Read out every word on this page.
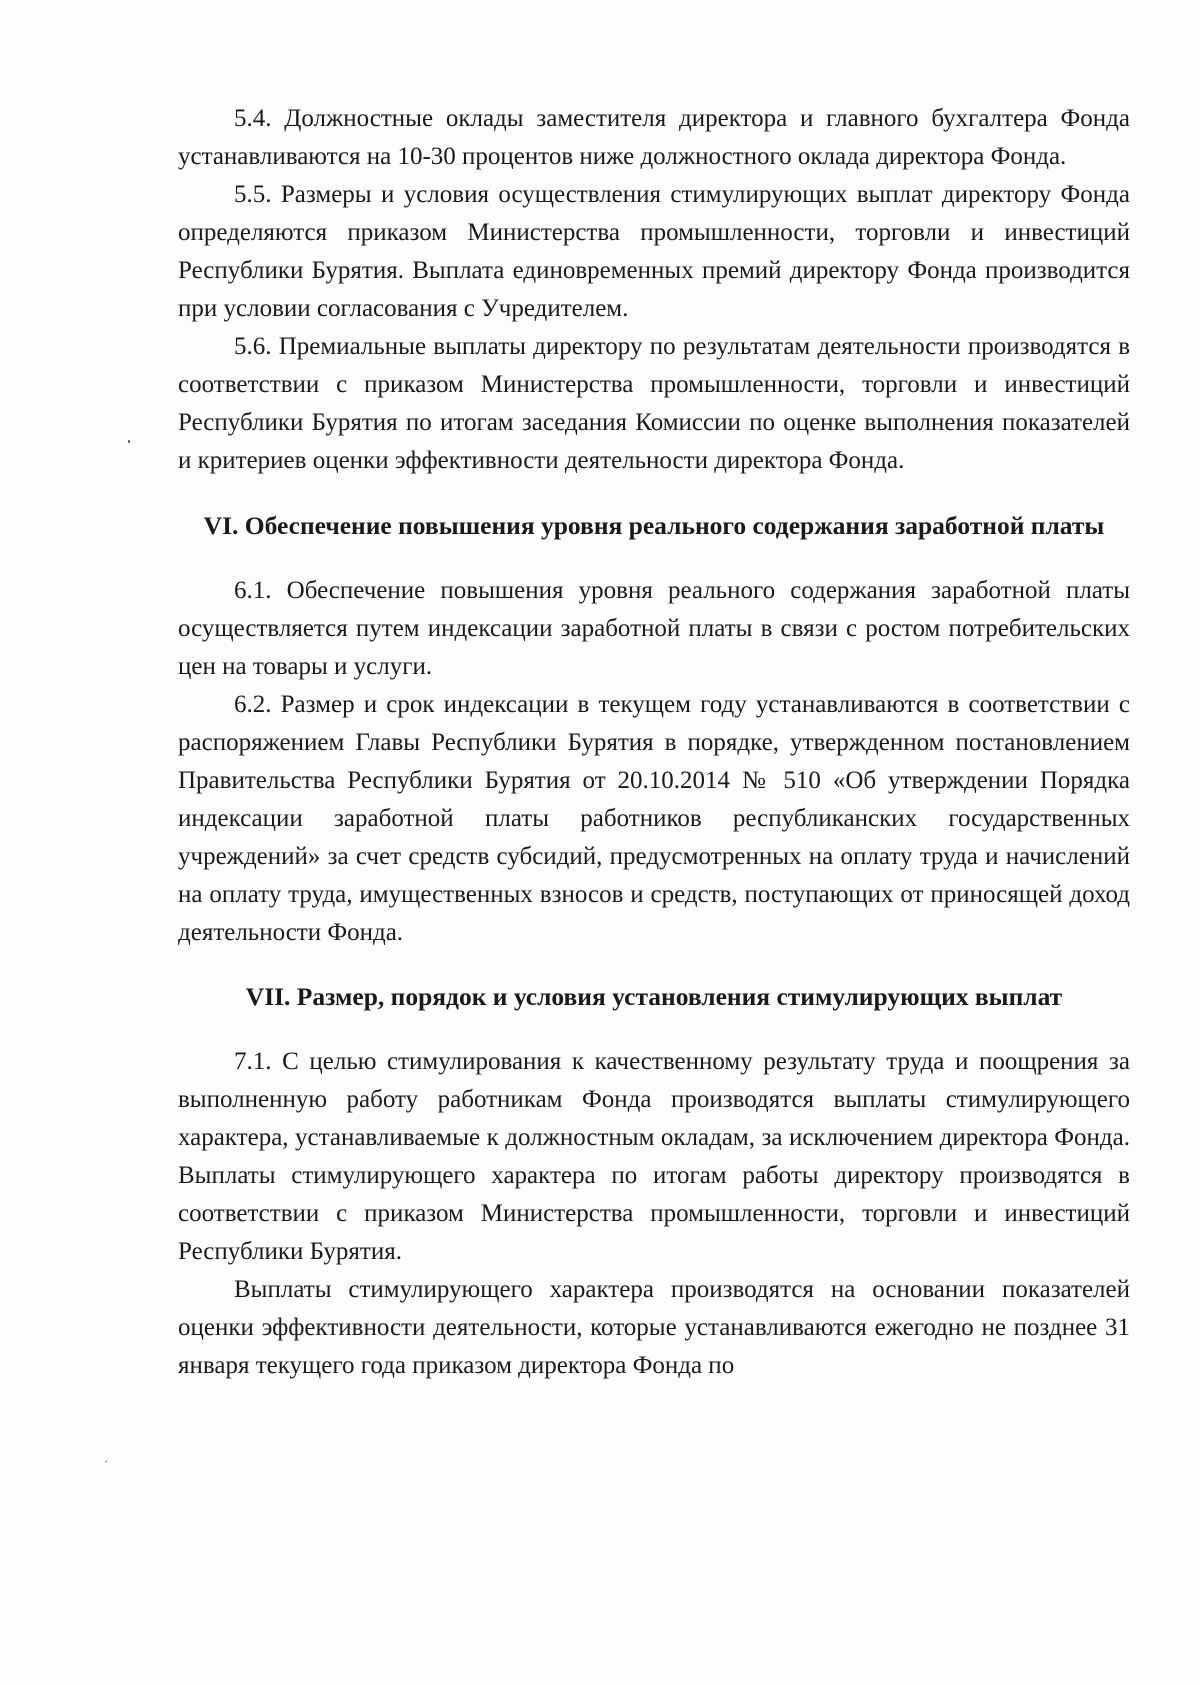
5.4. Должностные оклады заместителя директора и главного бухгалтера Фонда устанавливаются на 10-30 процентов ниже должностного оклада директора Фонда.

5.5. Размеры и условия осуществления стимулирующих выплат директору Фонда определяются приказом Министерства промышленности, торговли и инвестиций Республики Бурятия. Выплата единовременных премий директору Фонда производится при условии согласования с Учредителем.

5.6. Премиальные выплаты директору по результатам деятельности производятся в соответствии с приказом Министерства промышленности, торговли и инвестиций Республики Бурятия по итогам заседания Комиссии по оценке выполнения показателей и критериев оценки эффективности деятельности директора Фонда.

VI. Обеспечение повышения уровня реального содержания заработной платы

6.1. Обеспечение повышения уровня реального содержания заработной платы осуществляется путем индексации заработной платы в связи с ростом потребительских цен на товары и услуги.

6.2. Размер и срок индексации в текущем году устанавливаются в соответствии с распоряжением Главы Республики Бурятия в порядке, утвержденном постановлением Правительства Республики Бурятия от 20.10.2014 № 510 «Об утверждении Порядка индексации заработной платы работников республиканских государственных учреждений» за счет средств субсидий, предусмотренных на оплату труда и начислений на оплату труда, имущественных взносов и средств, поступающих от приносящей доход деятельности Фонда.

VII. Размер, порядок и условия установления стимулирующих выплат

7.1. С целью стимулирования к качественному результату труда и поощрения за выполненную работу работникам Фонда производятся выплаты стимулирующего характера, устанавливаемые к должностным окладам, за исключением директора Фонда. Выплаты стимулирующего характера по итогам работы директору производятся в соответствии с приказом Министерства промышленности, торговли и инвестиций Республики Бурятия.

Выплаты стимулирующего характера производятся на основании показателей оценки эффективности деятельности, которые устанавливаются ежегодно не позднее 31 января текущего года приказом директора Фонда по
